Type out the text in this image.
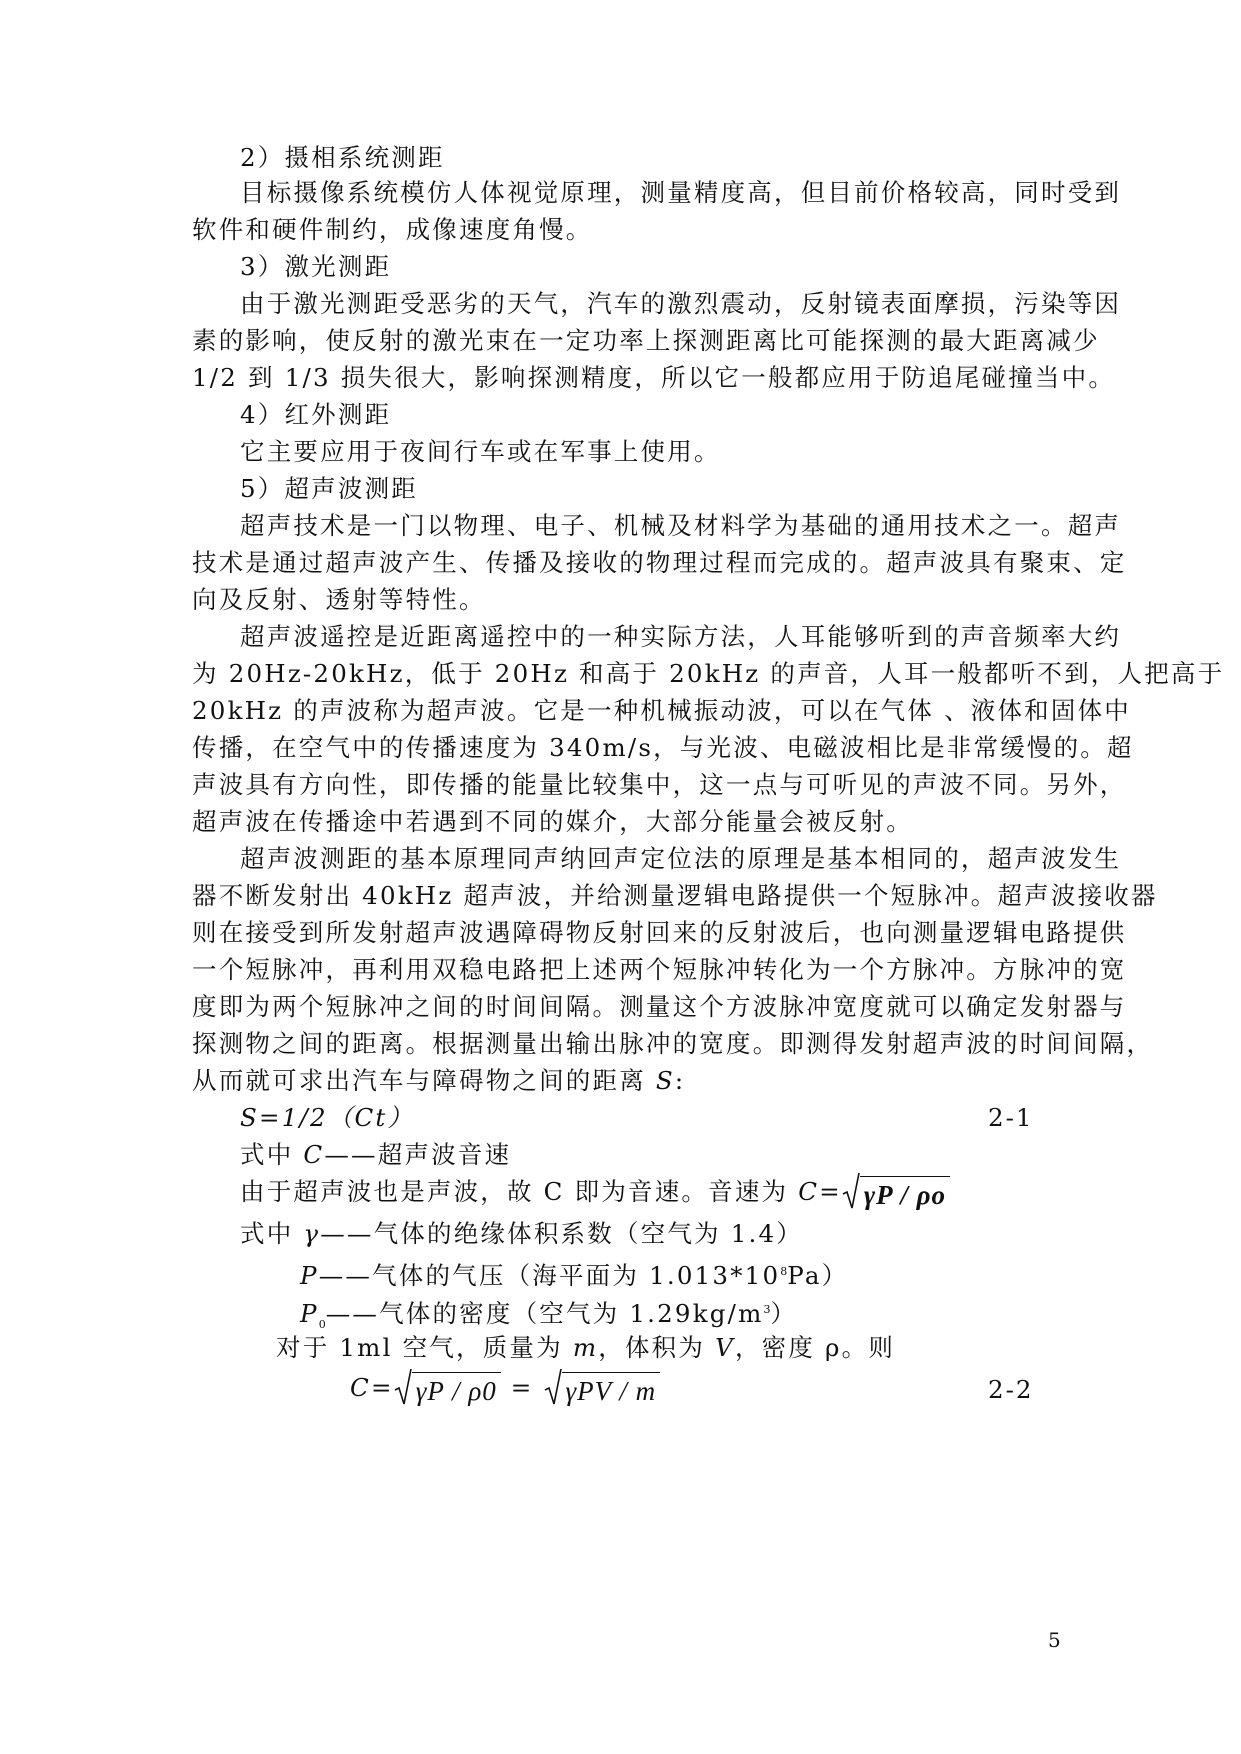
2）摄相系统测距
目标摄像系统模仿人体视觉原理，测量精度高，但目前价格较高，同时受到
软件和硬件制约，成像速度角慢。
3）激光测距
由于激光测距受恶劣的天气，汽车的激烈震动，反射镜表面摩损，污染等因
素的影响，使反射的激光束在一定功率上探测距离比可能探测的最大距离减少
1/2 到 1/3 损失很大，影响探测精度，所以它一般都应用于防追尾碰撞当中。
4）红外测距
它主要应用于夜间行车或在军事上使用。
5）超声波测距
超声技术是一门以物理、电子、机械及材料学为基础的通用技术之一。超声
技术是通过超声波产生、传播及接收的物理过程而完成的。超声波具有聚束、定
向及反射、透射等特性。
超声波遥控是近距离遥控中的一种实际方法，人耳能够听到的声音频率大约
为 20Hz-20kHz，低于 20Hz 和高于 20kHz 的声音，人耳一般都听不到，人把高于
20kHz 的声波称为超声波。它是一种机械振动波，可以在气体 、液体和固体中
传播，在空气中的传播速度为 340m/s，与光波、电磁波相比是非常缓慢的。超
声波具有方向性，即传播的能量比较集中，这一点与可听见的声波不同。另外，
超声波在传播途中若遇到不同的媒介，大部分能量会被反射。
超声波测距的基本原理同声纳回声定位法的原理是基本相同的，超声波发生
器不断发射出 40kHz 超声波，并给测量逻辑电路提供一个短脉冲。超声波接收器
则在接受到所发射超声波遇障碍物反射回来的反射波后，也向测量逻辑电路提供
一个短脉冲，再利用双稳电路把上述两个短脉冲转化为一个方脉冲。方脉冲的宽
度即为两个短脉冲之间的时间间隔。测量这个方波脉冲宽度就可以确定发射器与
探测物之间的距离。根据测量出输出脉冲的宽度。即测得发射超声波的时间间隔，
从而就可求出汽车与障碍物之间的距离 S:
S=1/2（Ct）	2-1
式中 C——超声波音速
由于超声波也是声波，故 C 即为音速。音速为 C= γP / ρo
式中 γ——气体的绝缘体积系数（空气为 1.4）
P——气体的气压（海平面为 $1.013*10^8Pa$）
$P_0——$气体的密度（空气为 $1.29kg/m^3$）
对于 1ml 空气，质量为 m，体积为 V，密度 ρ。则
C= γP / ρ0 =
γPV / m	2-2
5
